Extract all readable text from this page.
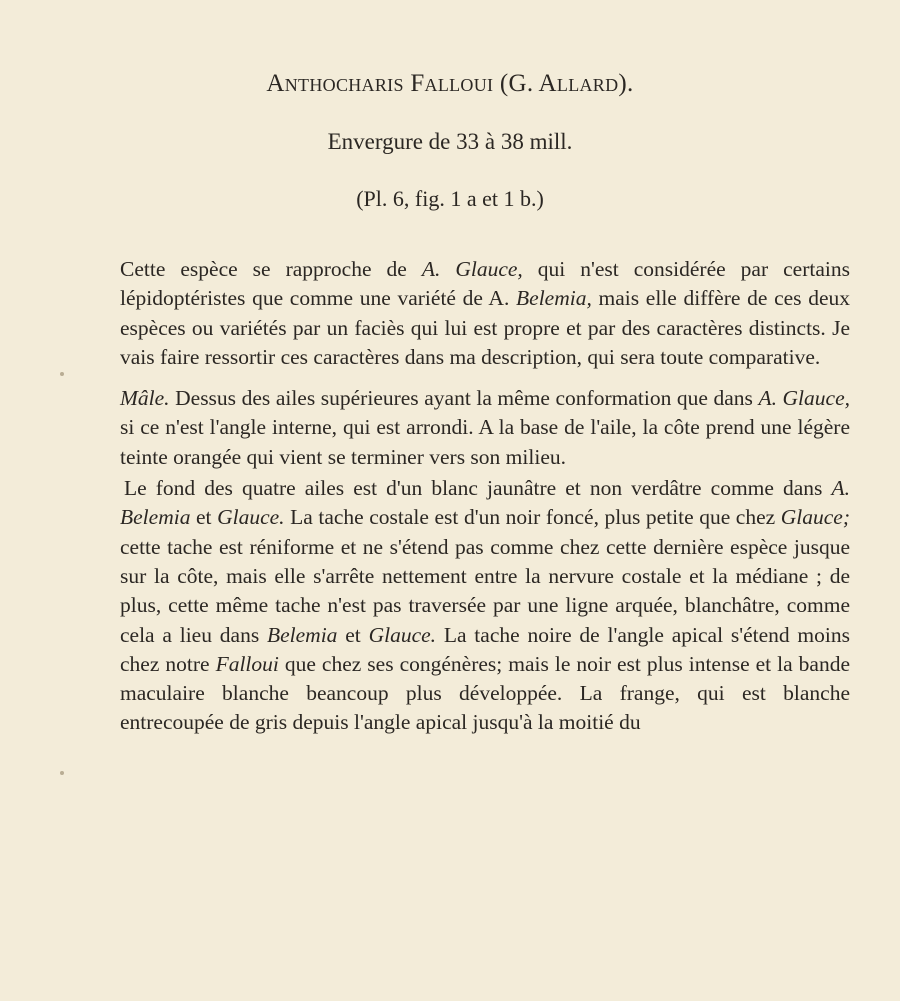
Anthocharis Falloui (G. Allard).
Envergure de 33 à 38 mill.
(Pl. 6, fig. 1 a et 1 b.)

Cette espèce se rapproche de A. Glauce, qui n'est considérée par certains lépidoptéristes que comme une variété de A. Belemia, mais elle diffère de ces deux espèces ou variétés par un faciès qui lui est propre et par des caractères distincts. Je vais faire ressortir ces caractères dans ma description, qui sera toute comparative.

Mâle. Dessus des ailes supérieures ayant la même conformation que dans A. Glauce, si ce n'est l'angle interne, qui est arrondi. A la base de l'aile, la côte prend une légère teinte orangée qui vient se terminer vers son milieu.

Le fond des quatre ailes est d'un blanc jaunâtre et non verdâtre comme dans A. Belemia et Glauce. La tache costale est d'un noir foncé, plus petite que chez Glauce; cette tache est réniforme et ne s'étend pas comme chez cette dernière espèce jusque sur la côte, mais elle s'arrête nettement entre la nervure costale et la médiane ; de plus, cette même tache n'est pas traversée par une ligne arquée, blanchâtre, comme cela a lieu dans Belemia et Glauce. La tache noire de l'angle apical s'étend moins chez notre Falloui que chez ses congénères; mais le noir est plus intense et la bande maculaire blanche beancoup plus développée. La frange, qui est blanche entrecoupée de gris depuis l'angle apical jusqu'à la moitié du
